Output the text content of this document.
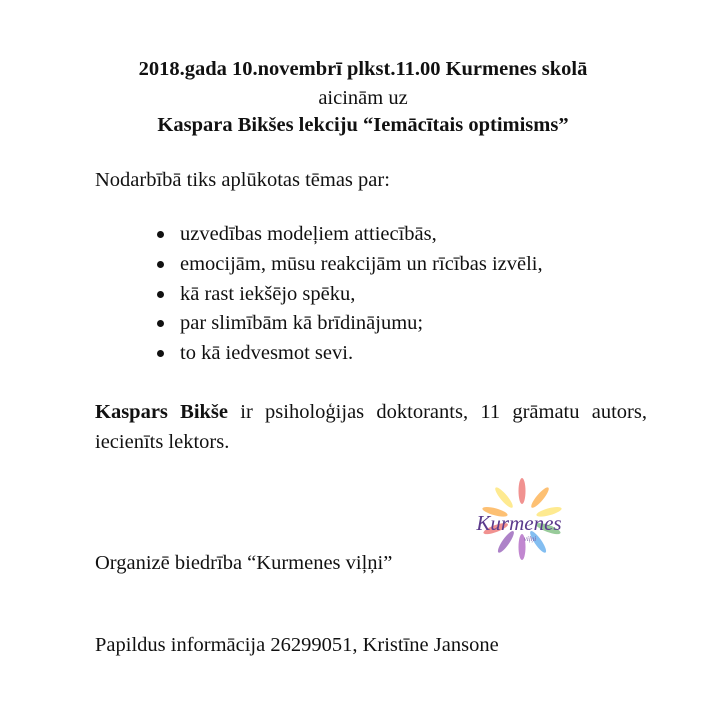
2018.gada 10.novembrī plkst.11.00 Kurmenes skolā
aicinām uz
Kaspara Bikšes lekciju “Iemācītais optimisms”
Nodarbībā tiks aplūkotas tēmas par:
uzvedības modeļiem attiecībās,
emocijām, mūsu reakcijām un rīcības izvēli,
kā rast iekšējo spēku,
par slimībām kā brīdinājumu;
to kā iedvesmot sevi.
Kaspars Bikše ir psiholoģijas doktorants, 11 grāmatu autors, iecienīts lektors.
Kurmenes
viļņi
Organizē biedrība “Kurmenes viļņi”
Papildus informācija 26299051, Kristīne Jansone
